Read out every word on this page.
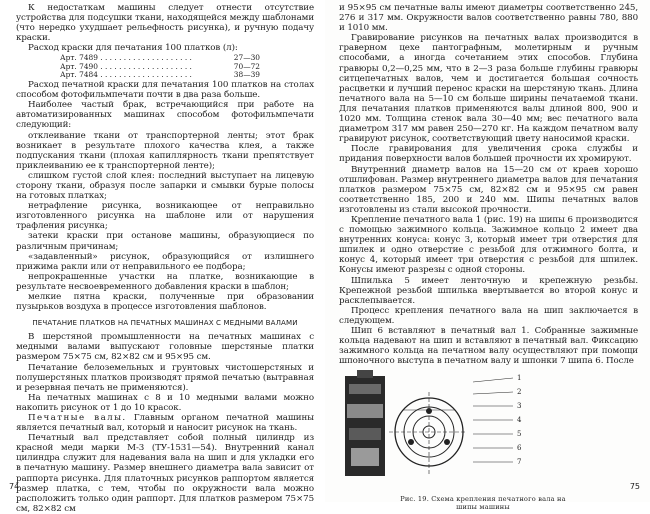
К недостаткам машины следует отнести отсутствие устройства для подсушки ткани, находящейся между шаблонами (что нередко ухудшает рельефность рисунка), и ручную подачу краски.

Расход краски для печатания 100 платков (л):

Арт. 7489 . . . . . . . . . . . . . . . . . . . .	27—30
Арт. 7490 . . . . . . . . . . . . . . . . . . . .	70—72
Арт. 7484 . . . . . . . . . . . . . . . . . . . .	38—39

Расход печатной краски для печатания 100 платков на столах способом фотофильмпечати почти в два раза больше.

Наиболее частый брак, встречающийся при работе на автоматизированных машинах способом фотофильмпечати следующий:

отклеивание ткани от транспортерной ленты; этот брак возникает в результате плохого качества клея, а также подпускания ткани (плохая капиллярность ткани препятствует приклеиванию ее к транспортерной ленте);

слишком густой слой клея: последний выступает на лицевую сторону ткани, образуя после запарки и смывки бурые полосы на готовых платках;

нетрафление рисунка, возникающее от неправильно изготовленного рисунка на шаблоне или от нарушения трафления рисунка;

затеки краски при останове машины, образующиеся по различным причинам;

«задавленный» рисунок, образующийся от излишнего прижима ракли или от неправильного ее подбора;

непрокрашенные участки на платке, возникающие в результате несвоевременного добавления краски в шаблон;

мелкие пятна краски, полученные при образовании пузырьков воздуха в процессе изготовления шаблонов.

ПЕЧАТАНИЕ ПЛАТКОВ НА ПЕЧАТНЫХ МАШИНАХ С МЕДНЫМИ ВАЛАМИ

В шерстяной промышленности на печатных машинах с медными валами выпускают головные шерстяные платки размером 75×75 см, 82×82 см и 95×95 см.

Печатание белоземельных и грунтовых чистошерстяных и полушерстяных платков производят прямой печатью (вытравная и резервная печать не применяются).

На печатных машинах с 8 и 10 медными валами можно накопить рисунок от 1 до 10 красок.

Печатные валы. Главным органом печатной машины является печатный вал, который и наносит рисунок на ткань.

Печатный вал представляет собой полный цилиндр из красной меди марки М-3 (ТУ-1531—54). Внутренний канал цилиндра служит для надевания вала на шип и для укладки его в печатную машину. Размер внешнего диаметра вала зависит от раппорта рисунка. Для платочных рисунков раппортом является размер платка, с тем, чтобы по окружности вала можно расположить только один раппорт. Для платков размером 75×75 см, 82×82 см

74

и 95×95 см печатные валы имеют диаметры соответственно 245, 276 и 317 мм. Окружности валов соответственно равны 780, 880 и 1010 мм.

Гравирование рисунков на печатных валах производится в граверном цехе пантографным, молетирным и ручным способами, а иногда сочетанием этих способов. Глубина гравюры 0,2—0,25 мм, что в 2—3 раза больше глубины гравюры ситцепечатных валов, чем и достигается большая сочность расцветки и лучший перенос краски на шерстяную ткань. Длина печатного вала на 5—10 см больше ширины печатаемой ткани. Для печатания платков применяются валы длиной 800, 900 и 1020 мм. Толщина стенок вала 30—40 мм; вес печатного вала диаметром 317 мм равен 250—270 кг. На каждом печатном валу гравируют рисунок, соответствующий цвету наносимой краски.

После гравирования для увеличения срока службы и придания поверхности валов большей прочности их хромируют.

Внутренний диаметр валов на 15—20 см от краев хорошо отшлифован. Размер внутреннего диаметра валов для печатания платков размером 75×75 см, 82×82 см и 95×95 см равен соответственно 185, 200 и 240 мм. Шипы печатных валов изготовлены из стали высокой прочности.

Крепление печатного вала 1 (рис. 19) на шипы 6 производится с помощью зажимного кольца. Зажимное кольцо 2 имеет два внутренних конуса: конус 3, который имеет три отверстия для шпилек и одно отверстие с резьбой для отжимного болта, и конус 4, который имеет три отверстия с резьбой для шпилек. Конусы имеют разрезы с одной стороны.

Шпилька 5 имеет ленточную и крепежную резьбы. Крепежной резьбой шпилька ввертывается во второй конус и расклепывается.

Процесс крепления печатного вала на шип заключается в следующем.

Шип 6 вставляют в печатный вал 1. Собранные зажимные кольца надевают на шип и вставляют в печатный вал. Фиксацию зажимного кольца на печатном валу осуществляют при помощи шпоночного выступа в печатном валу и шпонки 7 шипа 6. После

1
2
3
4
5
6
7
Рис. 19. Схема крепления печатного вала на шипы машины
75
